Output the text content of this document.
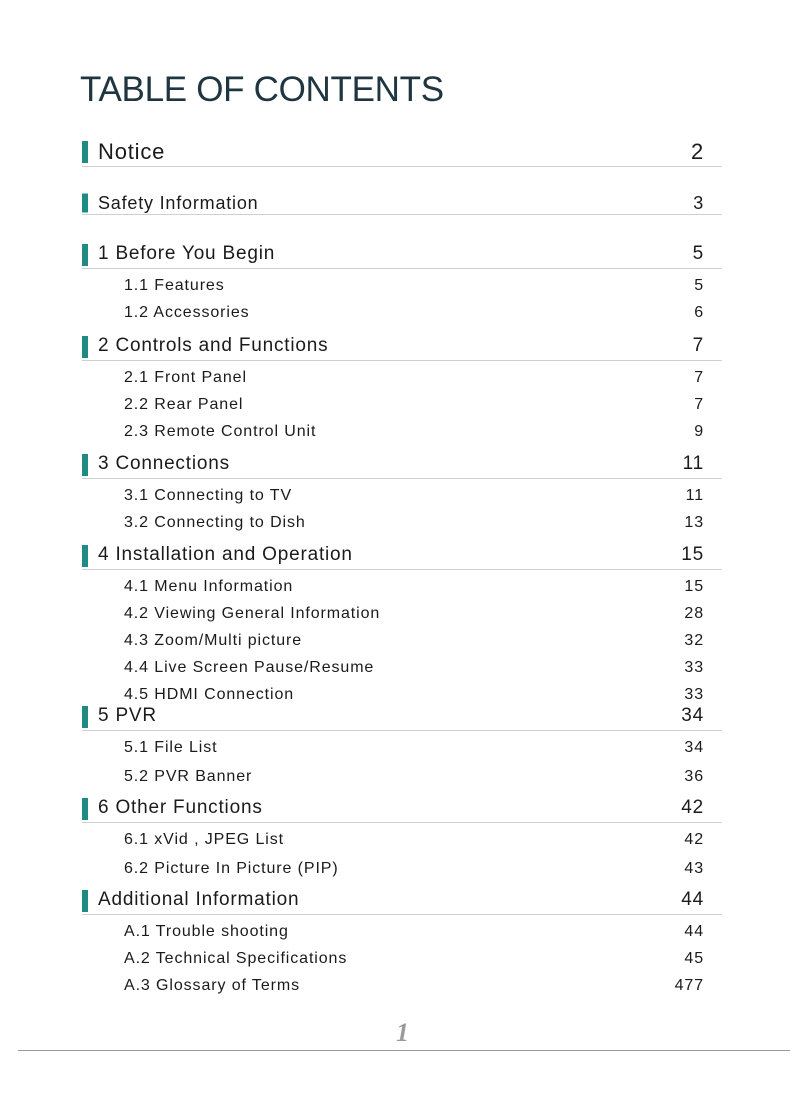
TABLE OF CONTENTS
Notice	2
Safety Information	3
1 Before You Begin	5
1.1 Features	5
1.2 Accessories	6
2 Controls and Functions	7
2.1 Front Panel	7
2.2 Rear Panel	7
2.3 Remote Control Unit	9
3 Connections	11
3.1 Connecting to TV	11
3.2 Connecting to Dish	13
4 Installation and Operation	15
4.1 Menu Information	15
4.2 Viewing General Information	28
4.3 Zoom/Multi picture	32
4.4 Live Screen Pause/Resume	33
4.5 HDMI Connection	33
5 PVR	34
5.1 File List	34
5.2 PVR Banner	36
6 Other Functions	42
6.1 xVid , JPEG List	42
6.2 Picture In Picture (PIP)	43
Additional Information	44
A.1 Trouble shooting	44
A.2 Technical Specifications	45
A.3 Glossary of Terms	477
1
